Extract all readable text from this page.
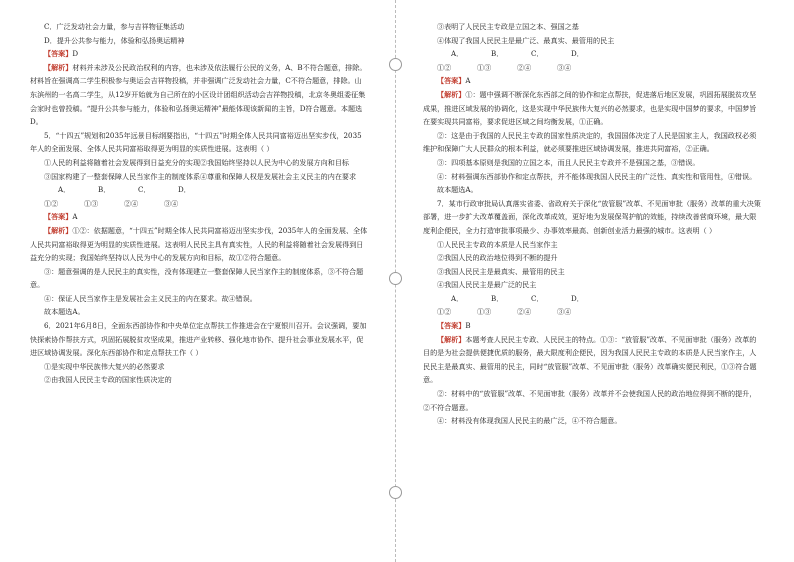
C．广泛发动社会力量，参与吉祥物征集活动
D．提升公共参与能力，体验和弘扬奥运精神
【答案】D
【解析】材料并未涉及公民政治权利的内容，也未涉及依法履行公民的义务，A、B不符合题意，排除。材料旨在强调高二学生积极参与奥运会吉祥物投稿，并非强调广泛发动社会力量，C不符合题意，排除。山东滨州的一名高二学生，从12岁开始就为自己所在的小区设计团组织活动会吉祥物投稿，北京冬奥组委征集会家时也曾投稿。“提升公共参与能力，体验和弘扬奥运精神”最能体现该新闻的主旨，D符合题意。本题选D。
5．“十四五”规划和2035年远景目标纲要指出，“十四五”时期全体人民共同富裕迈出坚实步伐，2035年人的全面发展、全体人民共同富裕取得更为明显的实质性进展。这表明（ ）
①人民的利益将随着社会发展得到日益充分的实现②我国始终坚持以人民为中心的发展方向和目标
③国家构建了一整套保障人民当家作主的制度体系④尊重和保障人权是发展社会主义民主的内在要求
A．①②B．①③C．②④D．③④
【答案】A
【解析】①②：依据题意，“十四五”时期全体人民共同富裕迈出坚实步伐，2035年人的全面发展、全体人民共同富裕取得更为明显的实质性进展。这表明人民民主具有真实性，人民的利益将随着社会发展得到日益充分的实现；我国始终坚持以人民为中心的发展方向和目标，故①②符合题意。
③：题意强调的是人民民主的真实性，没有体现建立一整套保障人民当家作主的制度体系，③不符合题意。
④：保证人民当家作主是发展社会主义民主的内在要求。故④错误。
故本题选A。
6．2021年6月8日，全面东西部协作和中央单位定点帮扶工作推进会在宁夏银川召开。会议强调，要加快探索协作帮扶方式，巩固拓展脱贫攻坚成果，推进产业转移、强化地市协作、提升社会事业发展水平，促进区域协调发展。深化东西部协作和定点帮扶工作（ ）
①是实现中华民族伟大复兴的必然要求
②由我国人民民主专政的国家性质决定的
③表明了人民民主专政是立国之本、强国之基
④体现了我国人民民主是最广泛、最真实、最管用的民主
A．①②B．①③C．②④D．③④
【答案】A
【解析】①：题中强调不断深化东西部之间的协作和定点帮扶，促进落后地区发展，巩固拓展脱贫攻坚成果，推进区域发展的协调化，这是实现中华民族伟大复兴的必然要求，也是实现中国梦的要求，中国梦旨在要实现共同富裕，要求促进区域之间均衡发展，①正确。
②：这是由于我国的人民民主专政的国家性质决定的，我国国体决定了人民是国家主人，我国政权必须维护和保障广大人民群众的根本利益，就必须要推进区域协调发展，推进共同富裕，②正确。
③：四项基本原则是我国的立国之本，而且人民民主专政并不是强国之基，③错误。
④：材料强调东西部协作和定点帮扶，并不能体现我国人民民主的广泛性、真实性和管用性，④错误。
故本题选A。
7．某市行政审批局认真落实省委、省政府关于深化“放管服”改革、不见面审批（服务）改革的重大决策部署，进一步扩大改革覆盖面，深化改革成效，更好地为发展保驾护航的效能，持续改善营商环境，最大限度利企便民，全力打造审批事项最少、办事效率最高、创新创业活力最强的城市。这表明（ ）
①人民民主专政的本质是人民当家作主
②我国人民的政治地位得到不断的提升
③我国人民民主是最真实、最管用的民主
④我国人民民主是最广泛的民主
A．①②B．①③C．②④D．③④
【答案】B
【解析】本题考查人民民主专政、人民民主的特点。①③：“放管服”改革、不见面审批（服务）改革的目的是为社会提供便捷优质的服务，最大限度利企便民，因为我国人民民主专政的本质是人民当家作主，人民民主是最真实、最管用的民主，同时“放管服”改革、不见面审批（服务）改革确实便民利民，①③符合题意。
②：材料中的“放管服”改革、不见面审批（服务）改革并不会使我国人民的政治地位得到不断的提升，②不符合题意。
④：材料没有体现我国人民民主的最广泛，④不符合题意。
